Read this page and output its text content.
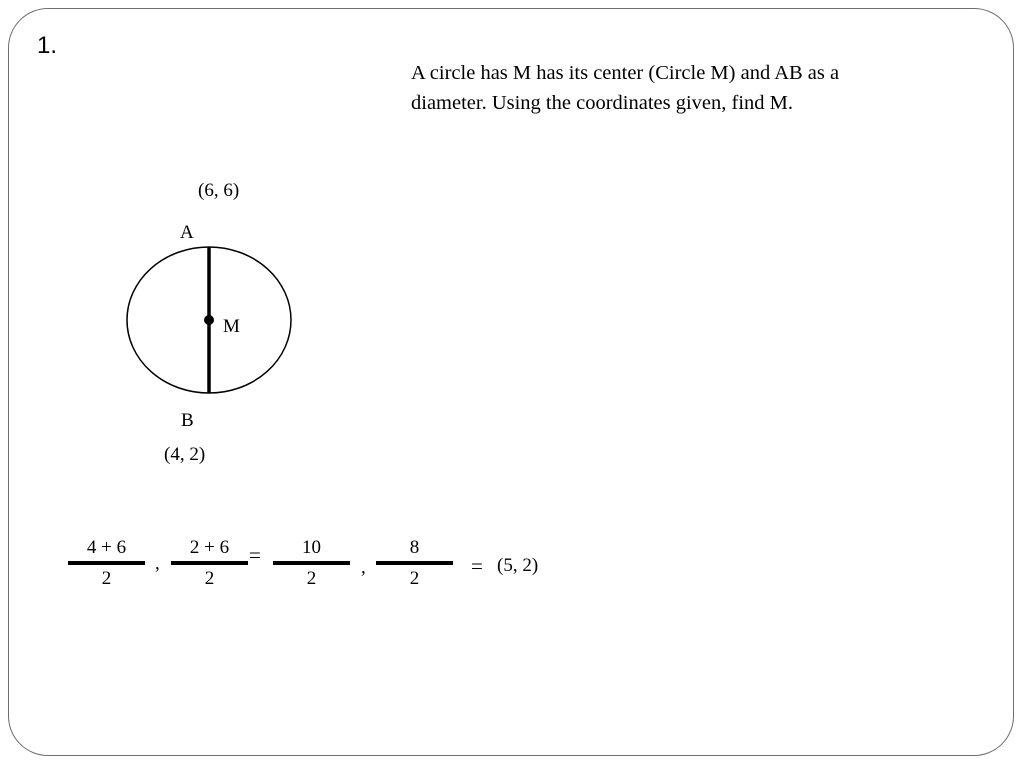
1.
A circle has M has its center (Circle M) and AB as a diameter. Using the coordinates given, find M.
(6, 6)
A
M
B
(4, 2)
4 + 6
2
,
2 + 6
2
=	10
2
,
8
2
= (5, 2)
